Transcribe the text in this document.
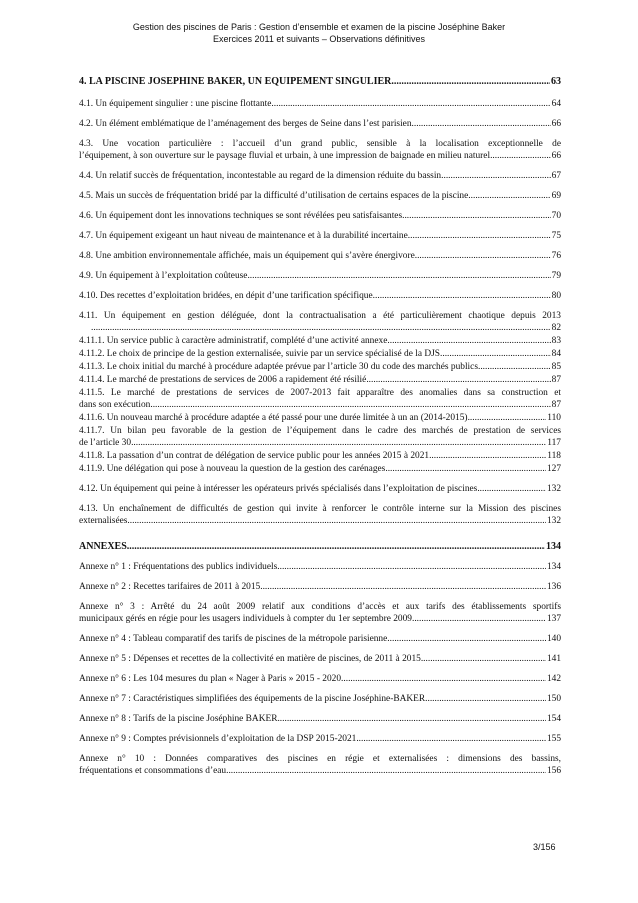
Gestion des piscines de Paris : Gestion d’ensemble et examen de la piscine Joséphine Baker
Exercices 2011 et suivants – Observations définitives
63
4. LA PISCINE JOSEPHINE BAKER, UN EQUIPEMENT SINGULIER .....
64
4.1. Un équipement singulier : une piscine flottante .....
66
4.2. Un élément emblématique de l’aménagement des berges de Seine dans l’est parisien .....
4.3. Une vocation particulière : l’accueil d’un grand public, sensible à la localisation exceptionnelle de
66
l’équipement, à son ouverture sur le paysage fluvial et urbain, à une impression de baignade en milieu naturel. .....
67
4.4. Un relatif succès de fréquentation, incontestable au regard de la dimension réduite du bassin .....
69
4.5. Mais un succès de fréquentation bridé par la difficulté d’utilisation de certains espaces de la piscine .....
70
4.6. Un équipement dont les innovations techniques se sont révélées peu satisfaisantes .....
75
4.7. Un équipement exigeant un haut niveau de maintenance et à la durabilité incertaine .....
76
4.8. Une ambition environnementale affichée, mais un équipement qui s’avère énergivore .....
79
4.9. Un équipement à l’exploitation coûteuse .....
80
4.10. Des recettes d’exploitation bridées, en dépit d’une tarification spécifique .....
4.11. Un équipement en gestion déléguée, dont la contractualisation a été particulièrement chaotique depuis 2013
82
.....
83
4.11.1. Un service public à caractère administratif, complété d’une activité annexe .....
84
4.11.2. Le choix de principe de la gestion externalisée, suivie par un service spécialisé de la DJS .....
85
4.11.3. Le choix initial du marché à procédure adaptée prévue par l’article 30 du code des marchés publics .....
87
4.11.4. Le marché de prestations de services de 2006 a rapidement été résilié .....
4.11.5. Le marché de prestations de services de 2007-2013 fait apparaître des anomalies dans sa construction et
87
dans son exécution .....
110
4.11.6. Un nouveau marché à procédure adaptée a été passé pour une durée limitée à un an (2014-2015) .....
4.11.7. Un bilan peu favorable de la gestion de l’équipement dans le cadre des marchés de prestation de services
117
de l’article 30 .....
118
4.11.8. La passation d’un contrat de délégation de service public pour les années 2015 à 2021 .....
127
4.11.9. Une délégation qui pose à nouveau la question de la gestion des carénages .....
132
4.12. Un équipement qui peine à intéresser les opérateurs privés spécialisés dans l’exploitation de piscines .....
4.13. Un enchaînement de difficultés de gestion qui invite à renforcer le contrôle interne sur la Mission des piscines
132
externalisées .....
134
ANNEXES .....
134
Annexe n° 1 : Fréquentations des publics individuels .....
136
Annexe n° 2 : Recettes tarifaires de 2011 à 2015 .....
Annexe n° 3 : Arrêté du 24 août 2009 relatif aux conditions d’accès et aux tarifs des établissements sportifs
137
municipaux gérés en régie pour les usagers individuels à compter du 1er septembre 2009 .....
140
Annexe n° 4 : Tableau comparatif des tarifs de piscines de la métropole parisienne .....
141
Annexe n° 5 : Dépenses et recettes de la collectivité en matière de piscines, de 2011 à 2015 .....
142
Annexe n° 6 : Les 104 mesures du plan « Nager à Paris » 2015 - 2020 .....
150
Annexe n° 7 : Caractéristiques simplifiées des équipements de la piscine Joséphine-BAKER .....
154
Annexe n° 8 : Tarifs de la piscine Joséphine BAKER .....
155
Annexe n° 9 : Comptes prévisionnels d’exploitation de la DSP 2015-2021 .....
Annexe n° 10 : Données comparatives des piscines en régie et externalisées : dimensions des bassins,
156
fréquentations et consommations d’eau .....
3/156
